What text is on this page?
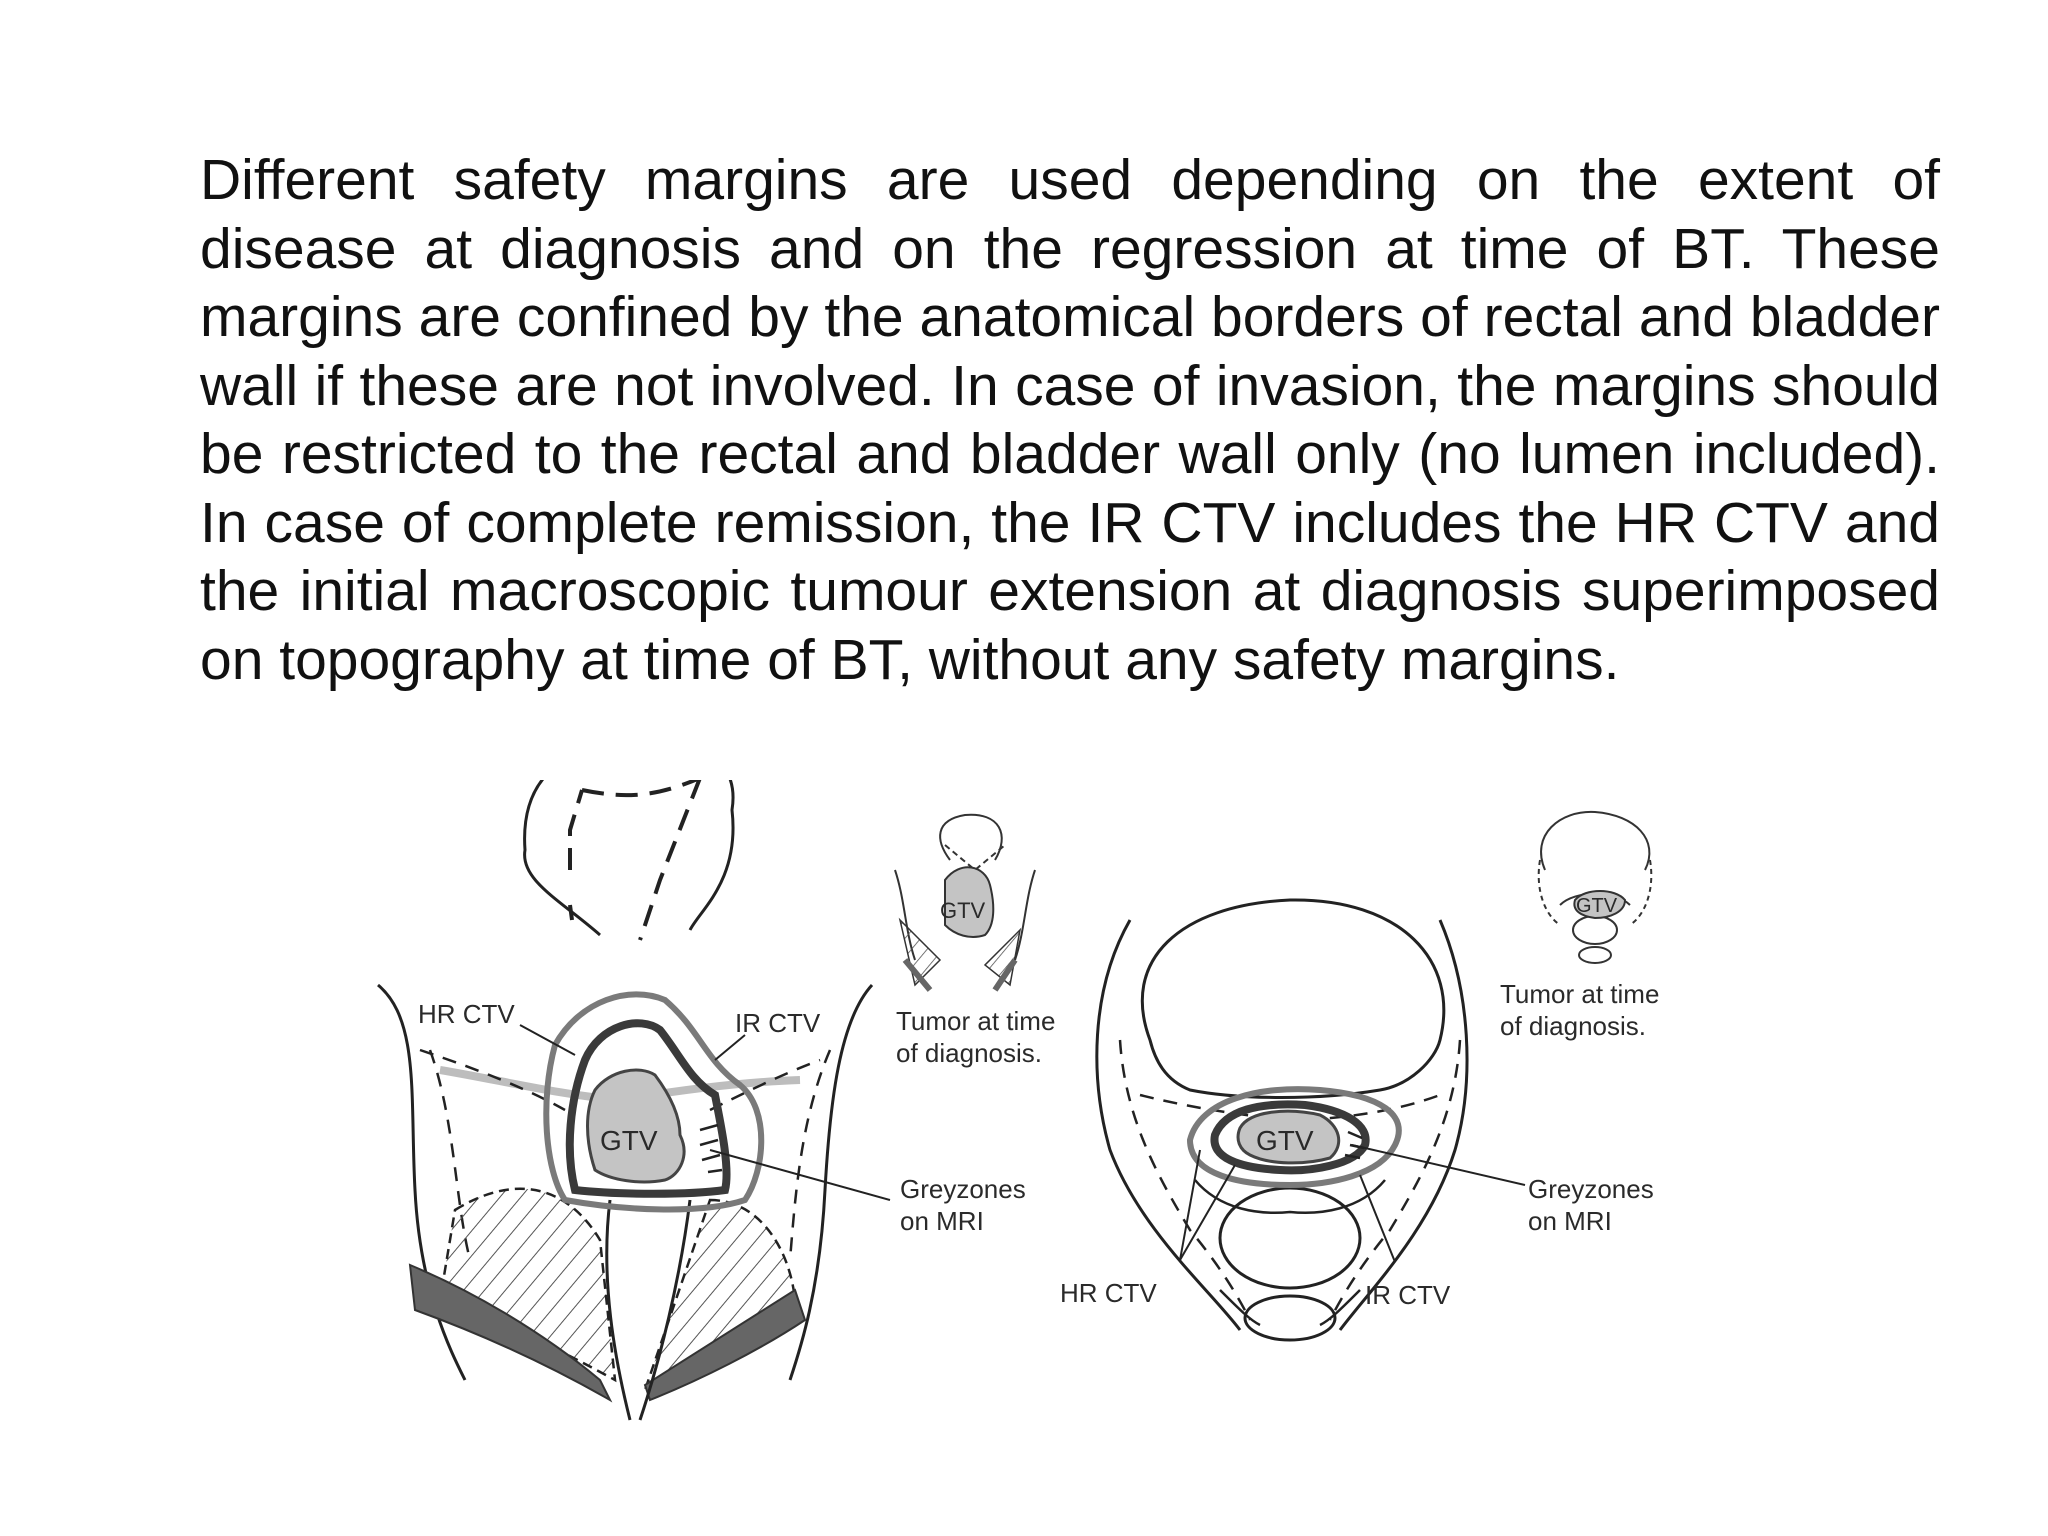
Different safety margins are used depending on the extent of disease at diagnosis and on the regression at time of BT. These margins are confined by the anatomical borders of rectal and bladder wall if these are not involved. In case of invasion, the margins should be restricted to the rectal and bladder wall only (no lumen included). In case of complete remission, the IR CTV includes the HR CTV and the initial macroscopic tumour extension at diagnosis superimposed on topography at time of BT, without any safety margins.
HR CTV	IR CTV
GTV
Greyzones
on MRI
GTV
Tumor at time
of diagnosis.
GTV
HR CTV	IR CTV
Greyzones
on MRI
GTV
Tumor at time
of diagnosis.
